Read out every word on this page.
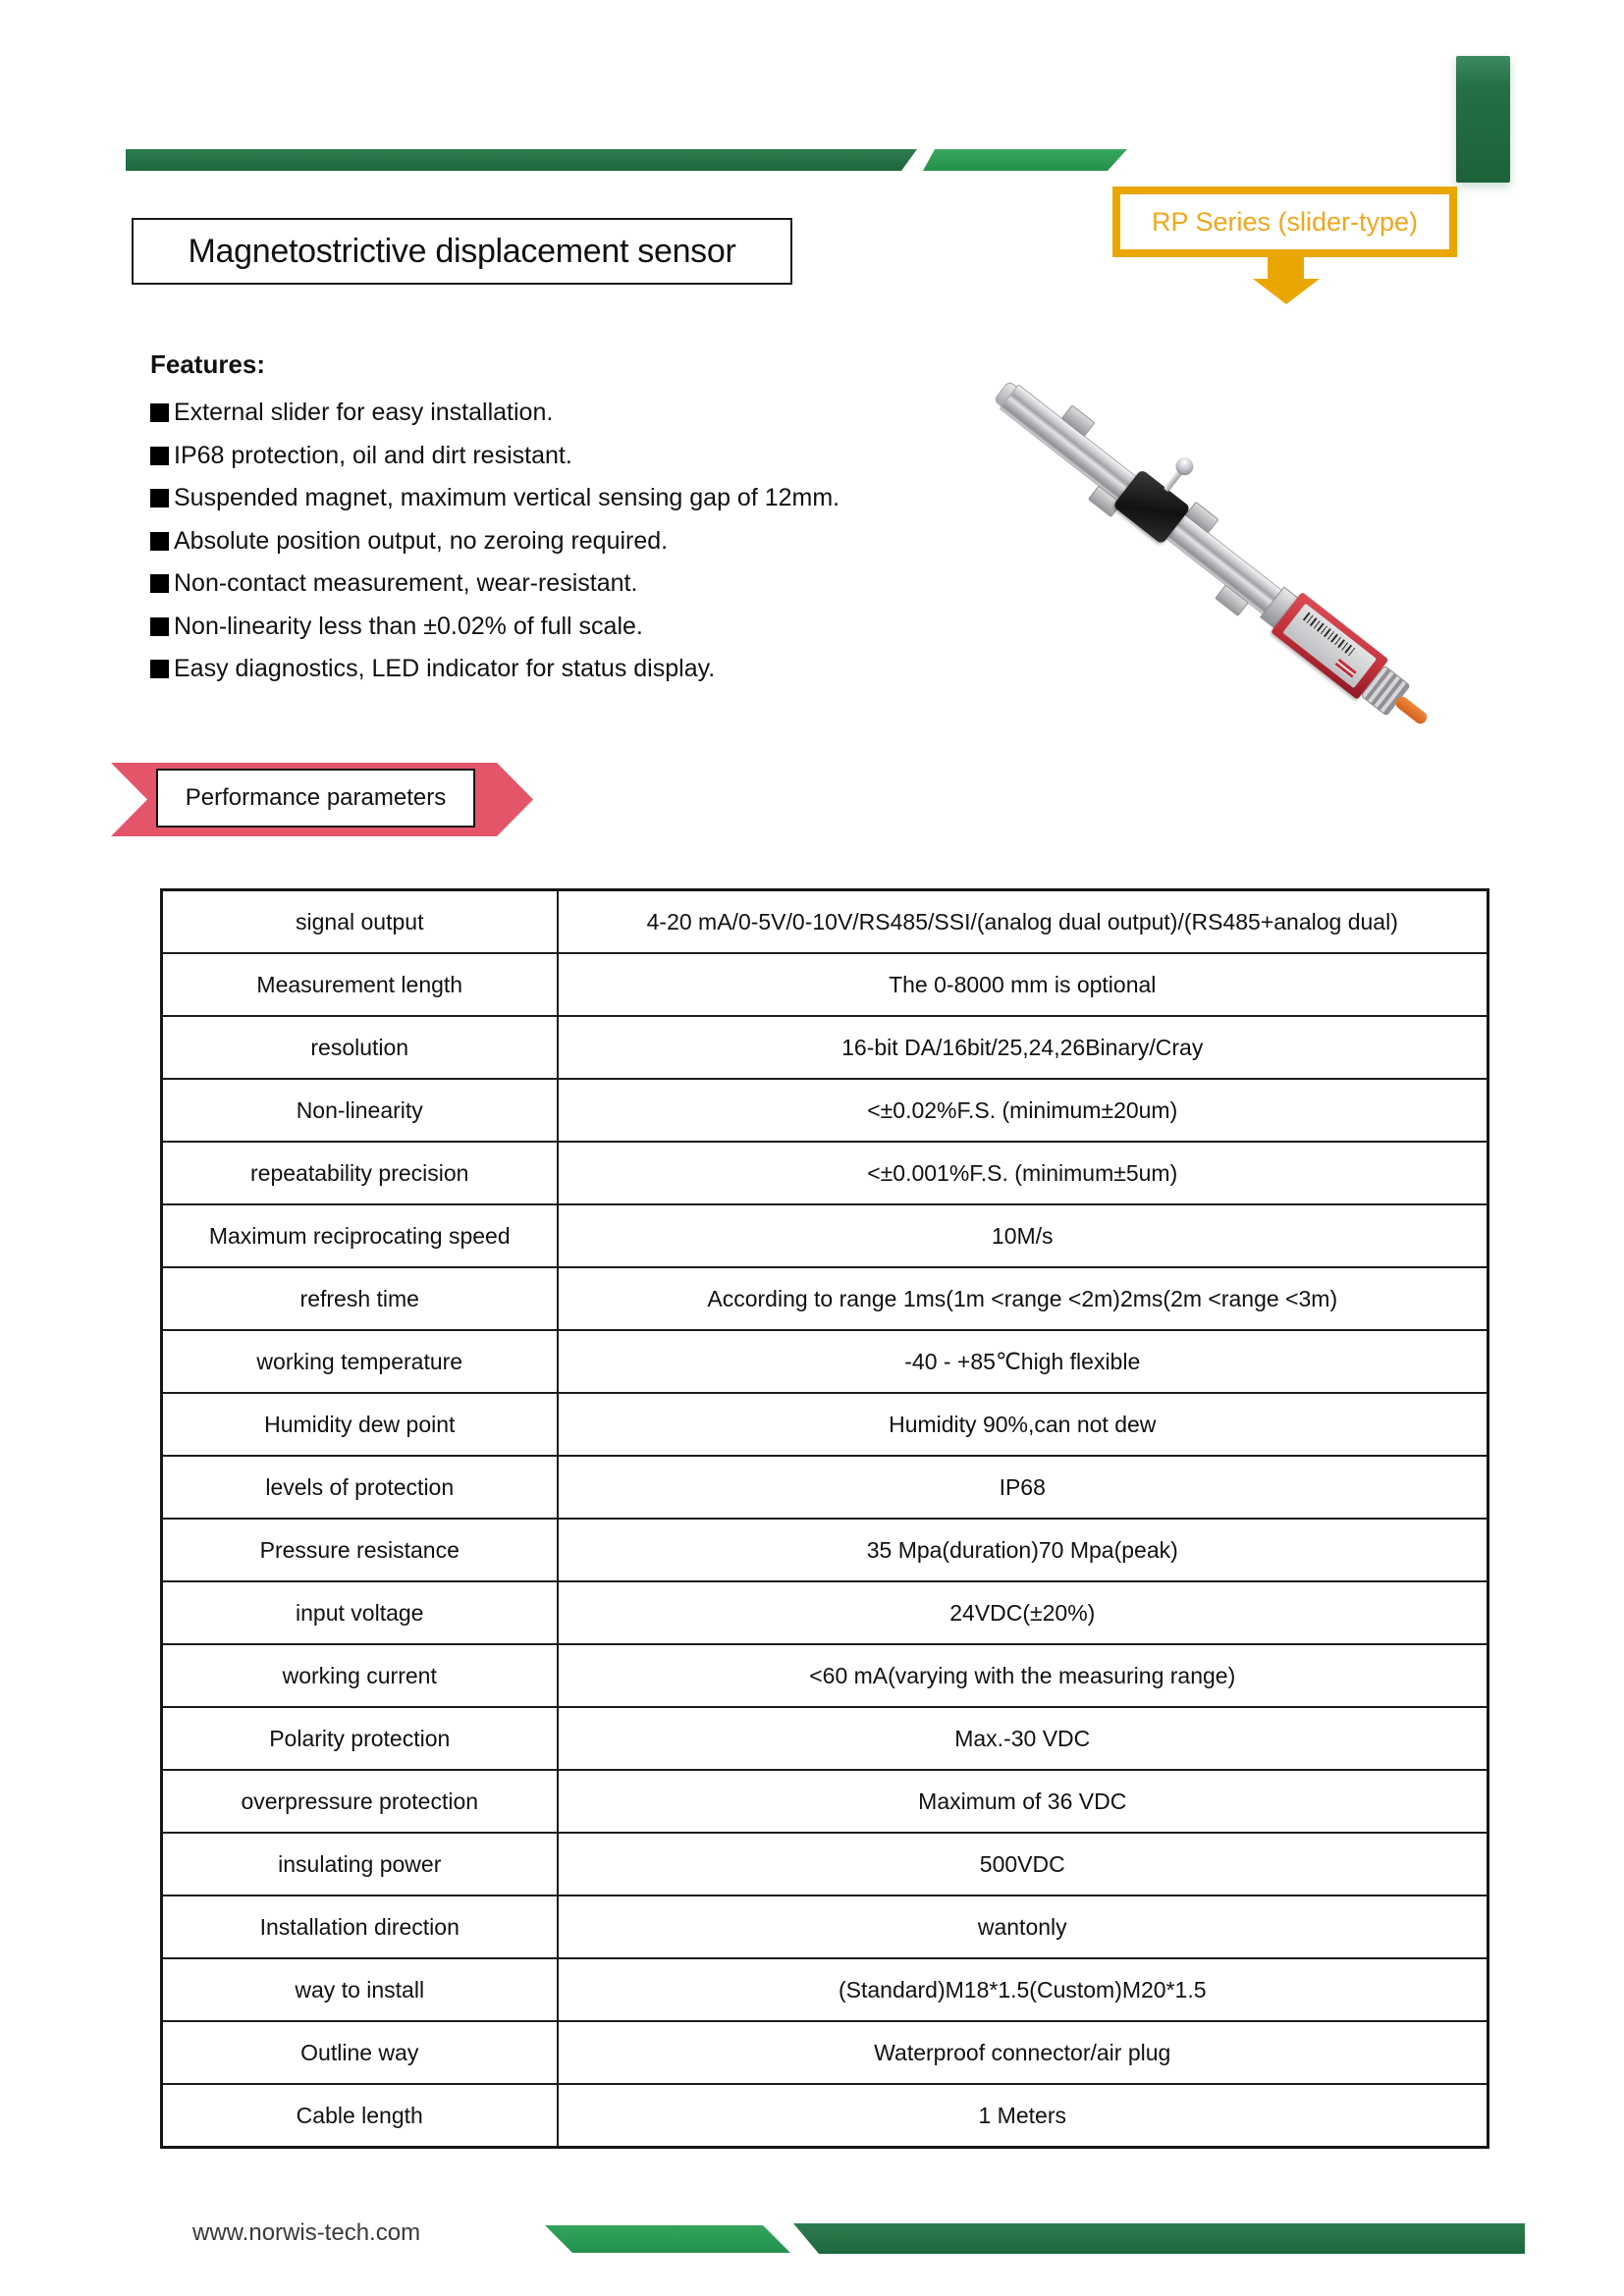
Magnetostrictive displacement sensor
RP Series (slider-type)
Features:
External slider for easy installation.
IP68 protection, oil and dirt resistant.
Suspended magnet, maximum vertical sensing gap of 12mm.
Absolute position output, no zeroing required.
Non-contact measurement, wear-resistant.
Non-linearity less than ±0.02% of full scale.
Easy diagnostics, LED indicator for status display.
Performance parameters
signal output	4-20 mA/0-5V/0-10V/RS485/SSI/(analog dual output)/(RS485+analog dual)
Measurement length	The 0-8000 mm is optional
resolution	16-bit DA/16bit/25,24,26Binary/Cray
Non-linearity	<±0.02%F.S. (minimum±20um)
repeatability precision	<±0.001%F.S. (minimum±5um)
Maximum reciprocating speed	10M/s
refresh time	According to range 1ms(1m <range <2m)2ms(2m <range <3m)
working temperature	-40 - +85℃high flexible
Humidity dew point	Humidity 90%,can not dew
levels of protection	IP68
Pressure resistance	35 Mpa(duration)70 Mpa(peak)
input voltage	24VDC(±20%)
working current	<60 mA(varying with the measuring range)
Polarity protection	Max.-30 VDC
overpressure protection	Maximum of 36 VDC
insulating power	500VDC
Installation direction	wantonly
way to install	(Standard)M18*1.5(Custom)M20*1.5
Outline way	Waterproof connector/air plug
Cable length	1 Meters
www.norwis-tech.com
